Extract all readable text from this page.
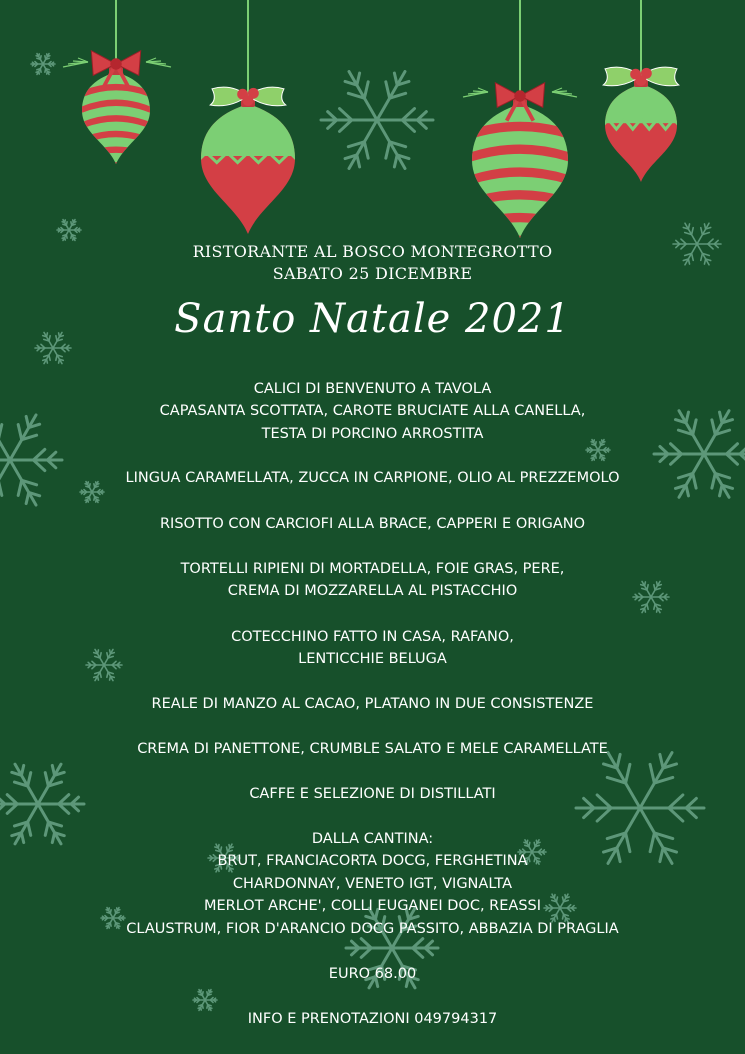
RISTORANTE AL BOSCO MONTEGROTTO
SABATO 25 DICEMBRE
Santo Natale 2021
CALICI DI BENVENUTO A TAVOLA
CAPASANTA SCOTTATA, CAROTE BRUCIATE ALLA CANELLA,
TESTA DI PORCINO ARROSTITA
LINGUA CARAMELLATA, ZUCCA IN CARPIONE, OLIO AL PREZZEMOLO
RISOTTO CON CARCIOFI ALLA BRACE, CAPPERI E ORIGANO
TORTELLI RIPIENI DI MORTADELLA, FOIE GRAS, PERE,
CREMA DI MOZZARELLA AL PISTACCHIO
COTECCHINO FATTO IN CASA, RAFANO,
LENTICCHIE BELUGA
REALE DI MANZO AL CACAO, PLATANO IN DUE CONSISTENZE
CREMA DI PANETTONE, CRUMBLE SALATO E MELE CARAMELLATE
CAFFE E SELEZIONE DI DISTILLATI
DALLA CANTINA:
BRUT, FRANCIACORTA DOCG, FERGHETINA
CHARDONNAY, VENETO IGT, VIGNALTA
MERLOT ARCHE', COLLI EUGANEI DOC, REASSI
CLAUSTRUM, FIOR D'ARANCIO DOCG PASSITO, ABBAZIA DI PRAGLIA
EURO 68.00
INFO E PRENOTAZIONI 049794317
